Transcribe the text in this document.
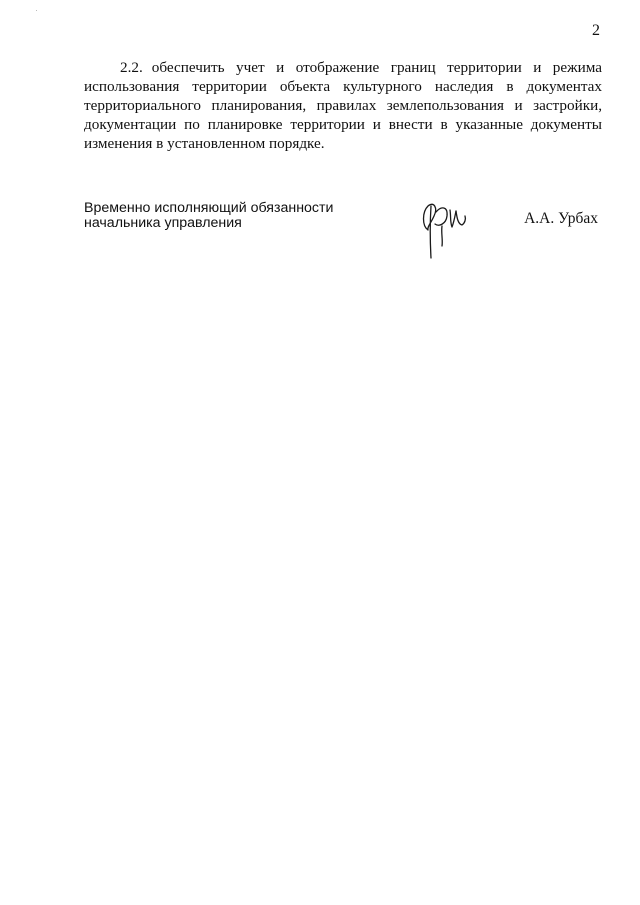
2
2.2. обеспечить учет и отображение границ территории и режима
использования территории объекта культурного наследия в документах
территориального планирования, правилах землепользования и застройки,
документации по планировке территории и внести в указанные документы
изменения в установленном порядке.
Временно исполняющий обязанности
начальника управления	А.А. Урбах
